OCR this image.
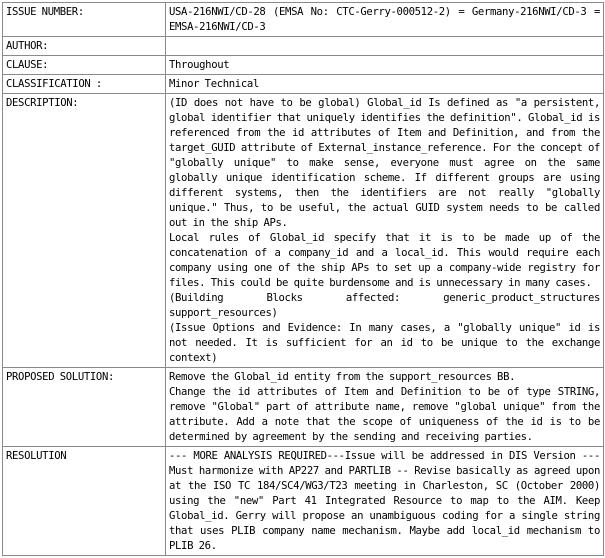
ISSUE NUMBER:	USA-216NWI/CD-28 (EMSA No: CTC-Gerry-000512-2) = Germany-216NWI/CD-3 = EMSA-216NWI/CD-3
AUTHOR:	
CLAUSE:	Throughout
CLASSIFICATION :	Minor Technical
DESCRIPTION:	(ID does not have to be global) Global_id Is defined as "a persistent, global identifier that uniquely identifies the definition". Global_id is referenced from the id attributes of Item and Definition, and from the target_GUID attribute of External_instance_reference. For the concept of "globally unique" to make sense, everyone must agree on the same globally unique identification scheme. If different groups are using different systems, then the identifiers are not really "globally unique." Thus, to be useful, the actual GUID system needs to be called out in the ship APs.
Local rules of Global_id specify that it is to be made up of the concatenation of a company_id and a local_id. This would require each company using one of the ship APs to set up a company-wide registry for files. This could be quite burdensome and is unnecessary in many cases.
(Building Blocks affected: generic_product_structures support_resources)
(Issue Options and Evidence: In many cases, a "globally unique" id is not needed. It is sufficient for an id to be unique to the exchange context)

PROPOSED SOLUTION:	Remove the Global_id entity from the support_resources BB.
Change the id attributes of Item and Definition to be of type STRING, remove "Global" part of attribute name, remove "global unique" from the attribute. Add a note that the scope of uniqueness of the id is to be determined by agreement by the sending and receiving parties.

RESOLUTION	--- MORE ANALYSIS REQUIRED---Issue will be addressed in DIS Version --- Must harmonize with AP227 and PARTLIB -- Revise basically as agreed upon at the ISO TC 184/SC4/WG3/T23 meeting in Charleston, SC (October 2000) using the "new" Part 41 Integrated Resource to map to the AIM. Keep Global_id. Gerry will propose an unambiguous coding for a single string that uses PLIB company name mechanism. Maybe add local_id mechanism to PLIB 26.
